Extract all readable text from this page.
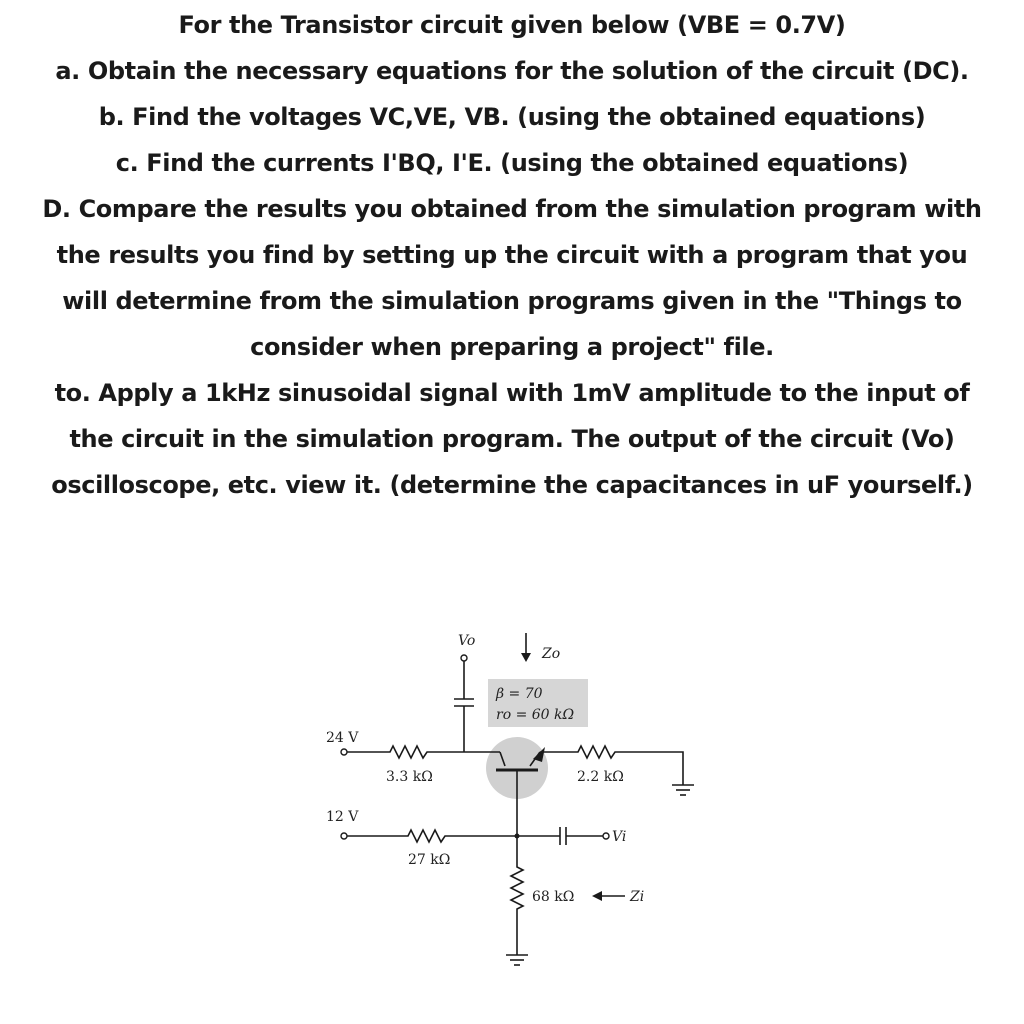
For the Transistor circuit given below (VBE = 0.7V)

a. Obtain the necessary equations for the solution of the circuit (DC).

b. Find the voltages VC,VE, VB. (using the obtained equations)

c. Find the currents I'BQ, I'E. (using the obtained equations)

D. Compare the results you obtained from the simulation program with the results you find by setting up the circuit with a program that you will determine from the simulation programs given in the "Things to consider when preparing a project" file.

to. Apply a 1kHz sinusoidal signal with 1mV amplitude to the input of the circuit in the simulation program. The output of the circuit (Vo) oscilloscope, etc. view it. (determine the capacitances in uF yourself.)

Vo
Zo
β = 70
ro = 60 kΩ
24 V
3.3 kΩ	2.2 kΩ
12 V
27 kΩ
Vi
68 kΩ	Zi
